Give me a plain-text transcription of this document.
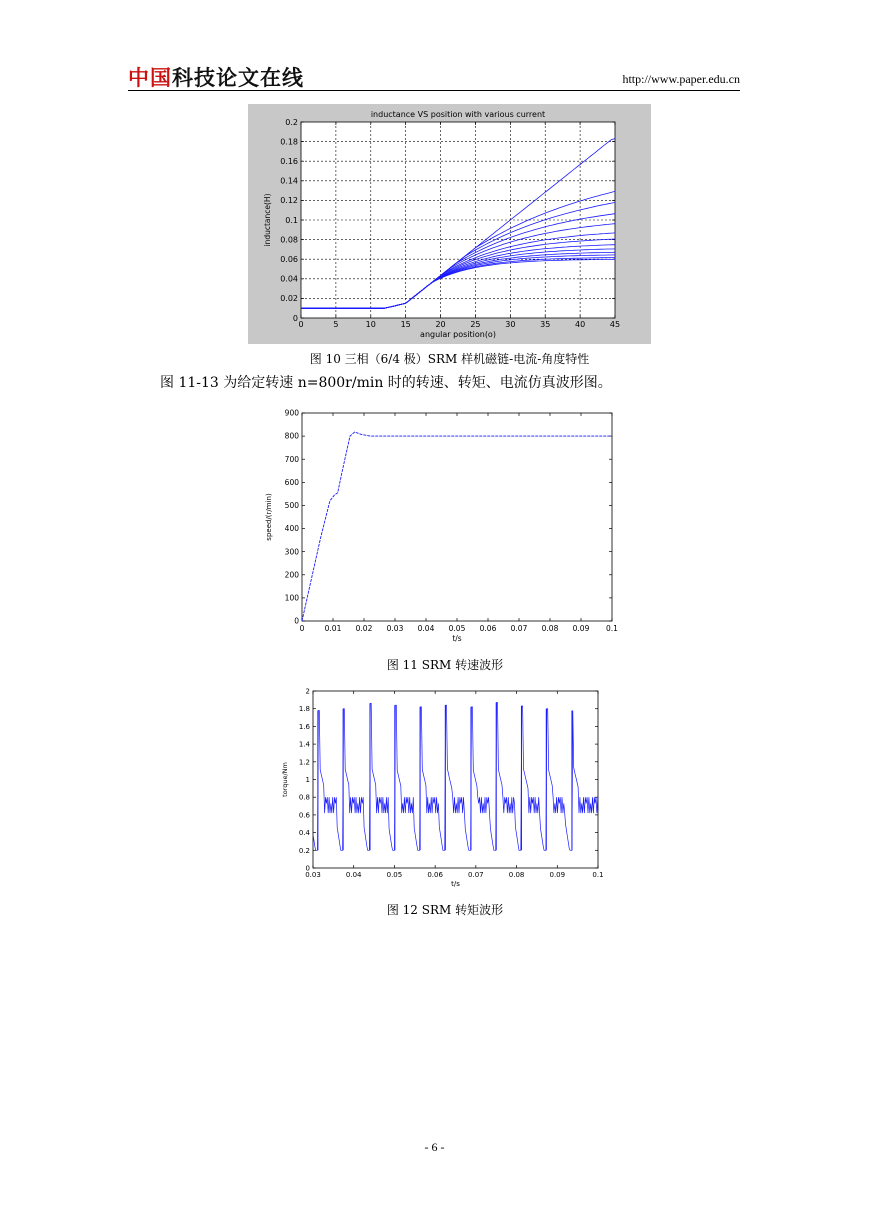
中国科技论文在线	http://www.paper.edu.cn
0	5	10	15	20	25	30	35	40	45
0
0.02
0.04
0.06
0.08
0.1
0.12
0.14
0.16
0.18
0.2
angular position(o)
inductance(H)
inductance VS position with various current
图 10 三相（6/4 极）SRM 样机磁链-电流-角度特性
图 11-13 为给定转速 n=800r/min 时的转速、转矩、电流仿真波形图。
0	0.01 0.02 0.03 0.04 0.05 0.06 0.07 0.08 0.09 0.1
0
100
200
300
400
500
600
700
800
900
t/s
speed/(r/min)
图 11 SRM 转速波形
0.03	0.04	0.05	0.06	0.07	0.08	0.09	0.1
0
0.2
0.4
0.6
0.8
1
1.2
1.4
1.6
1.8
2
t/s
torque/Nm
图 12 SRM 转矩波形
- 6 -
